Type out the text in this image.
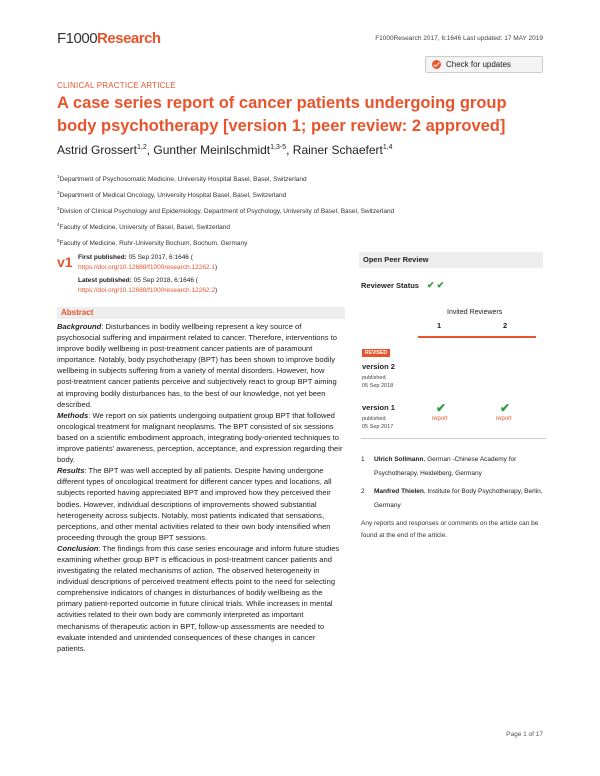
F1000Research	F1000Research 2017, 6:1646 Last updated: 17 MAY 2019
Check for updates
CLINICAL PRACTICE ARTICLE
A case series report of cancer patients undergoing group body psychotherapy [version 1; peer review: 2 approved]
Astrid Grossert$^{1,2}$, Gunther Meinlschmidt$^{1,3-5}$, Rainer Schaefert$^{1,4}$
$^1$Department of Psychosomatic Medicine, University Hospital Basel, Basel, Switzerland
$^2$Department of Medical Oncology, University Hospital Basel, Basel, Switzerland
$^3$Division of Clinical Psychology and Epidemiology, Department of Psychology, University of Basel, Basel, Switzerland
$^4$Faculty of Medicine, University of Basel, Basel, Switzerland
$^5$Faculty of Medicine, Ruhr-University Bochum, Bochum, Germany
v1 First published: 05 Sep 2017, 6:1646 (
https://doi.org/10.12688/f1000research.12262.1)
Latest published: 05 Sep 2018, 6:1646 (
https://doi.org/10.12688/f1000research.12262.2)
Abstract
Background: Disturbances in bodily wellbeing represent a key source of psychosocial suffering and impairment related to cancer. Therefore, interventions to improve bodily wellbeing in post-treatment cancer patients are of paramount importance. Notably, body psychotherapy (BPT) has been shown to improve bodily wellbeing in subjects suffering from a variety of mental disorders. However, how post-treatment cancer patients perceive and subjectively react to group BPT aiming at improving bodily disturbances has, to the best of our knowledge, not yet been described.
Methods: We report on six patients undergoing outpatient group BPT that followed oncological treatment for malignant neoplasms. The BPT consisted of six sessions based on a scientific embodiment approach, integrating body-oriented techniques to improve patients’ awareness, perception, acceptance, and expression regarding their body.
Results: The BPT was well accepted by all patients. Despite having undergone different types of oncological treatment for different cancer types and locations, all subjects reported having appreciated BPT and improved how they perceived their bodies. However, individual descriptions of improvements showed substantial heterogeneity across subjects. Notably, most patients indicated that sensations, perceptions, and other mental activities related to their own body intensified when proceeding through the group BPT sessions.
Conclusion: The findings from this case series encourage and inform future studies examining whether group BPT is efficacious in post-treatment cancer patients and investigating the related mechanisms of action. The observed heterogeneity in individual descriptions of perceived treatment effects point to the need for selecting comprehensive indicators of changes in disturbances of bodily wellbeing as the primary patient-reported outcome in future clinical trials. While increases in mental activities related to their own body are commonly interpreted as important mechanisms of therapeutic action in BPT, follow-up assessments are needed to evaluate intended and unintended consequences of these changes in cancer patients.
Open Peer Review
Reviewer Status ✔ ✔
Invited Reviewers
1	2
REVISED
version 2
published
05 Sep 2018
version 1
published
05 Sep 2017
✔
report
✔
report
1 Ulrich Sollmann, German -Chinese Academy for Psychotherapy, Heidelberg, Germany
2 Manfred Thielen, Institute for Body Psychotherapy, Berlin, Germany
Any reports and responses or comments on the article can be found at the end of the article.
Page 1 of 17
